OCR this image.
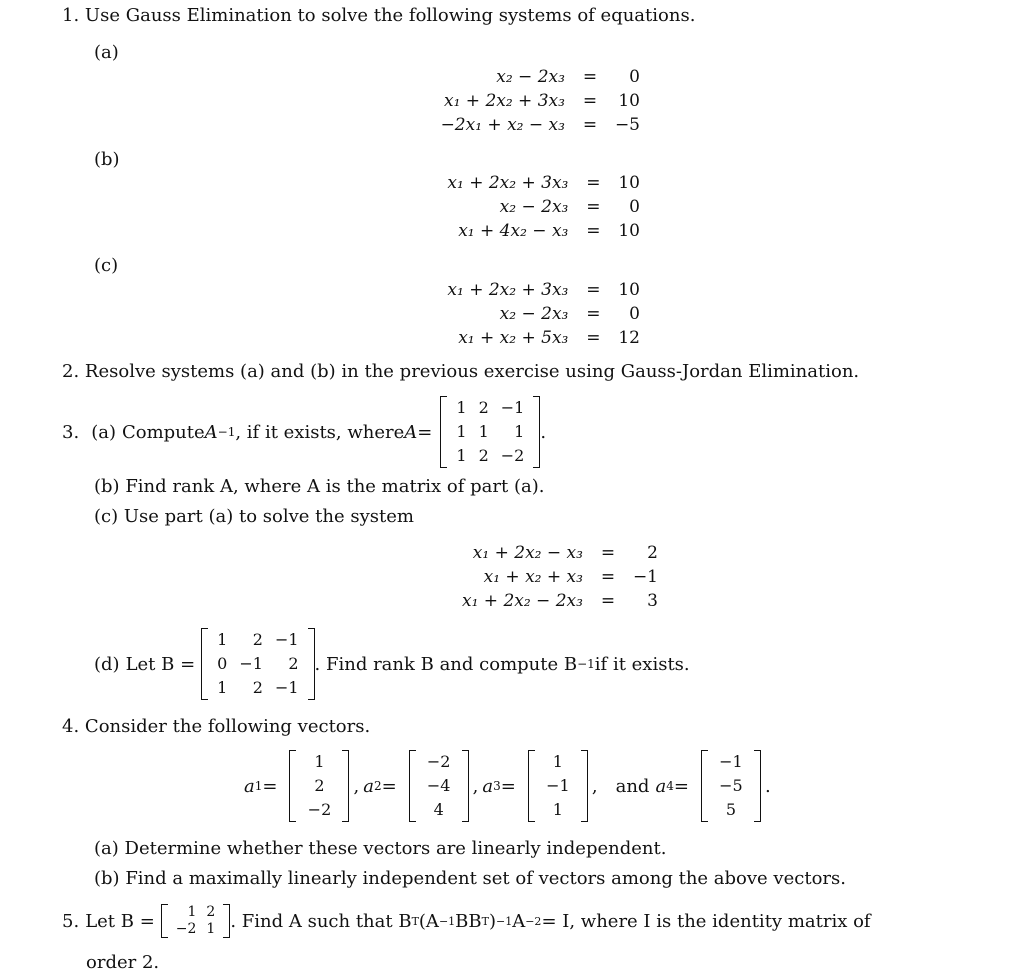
1. Use Gauss Elimination to solve the following systems of equations.
(a)
x₂ − 2x₃	=	0
x₁ + 2x₂ + 3x₃	=	10
−2x₁ + x₂ − x₃	=	−5
(b)
x₁ + 2x₂ + 3x₃	=	10
x₂ − 2x₃	=	0
x₁ + 4x₂ − x₃	=	10
(c)
x₁ + 2x₂ + 3x₃	=	10
x₂ − 2x₃	=	0
x₁ + x₂ + 5x₃	=	12
2. Resolve systems (a) and (b) in the previous exercise using Gauss-Jordan Elimination.
3. (a) Compute A −1 , if it exists, where A =
1	2	−1
1	1	1
1	2	−2
.
(b) Find rank A, where A is the matrix of part (a).
(c) Use part (a) to solve the system
x₁ + 2x₂ − x₃	=	2
x₁ + x₂ + x₃	=	−1
x₁ + 2x₂ − 2x₃	=	3
(d) Let B =
1	2	−1
0	−1	2
1	2	−1
. Find rank B and compute B −1 if it exists.
4. Consider the following vectors.
a 1 =
1
2
−2
, a 2 =
−2
−4
4
, a 3 =
1
−1
1
, and a 4 =
−1
−5
5
.
(a) Determine whether these vectors are linearly independent.
(b) Find a maximally linearly independent set of vectors among the above vectors.
5. Let B = 1	2
−2	1 . Find A such that B T (A −1 BB T ) −1 A −2 = I, where I is the identity matrix of
order 2.
